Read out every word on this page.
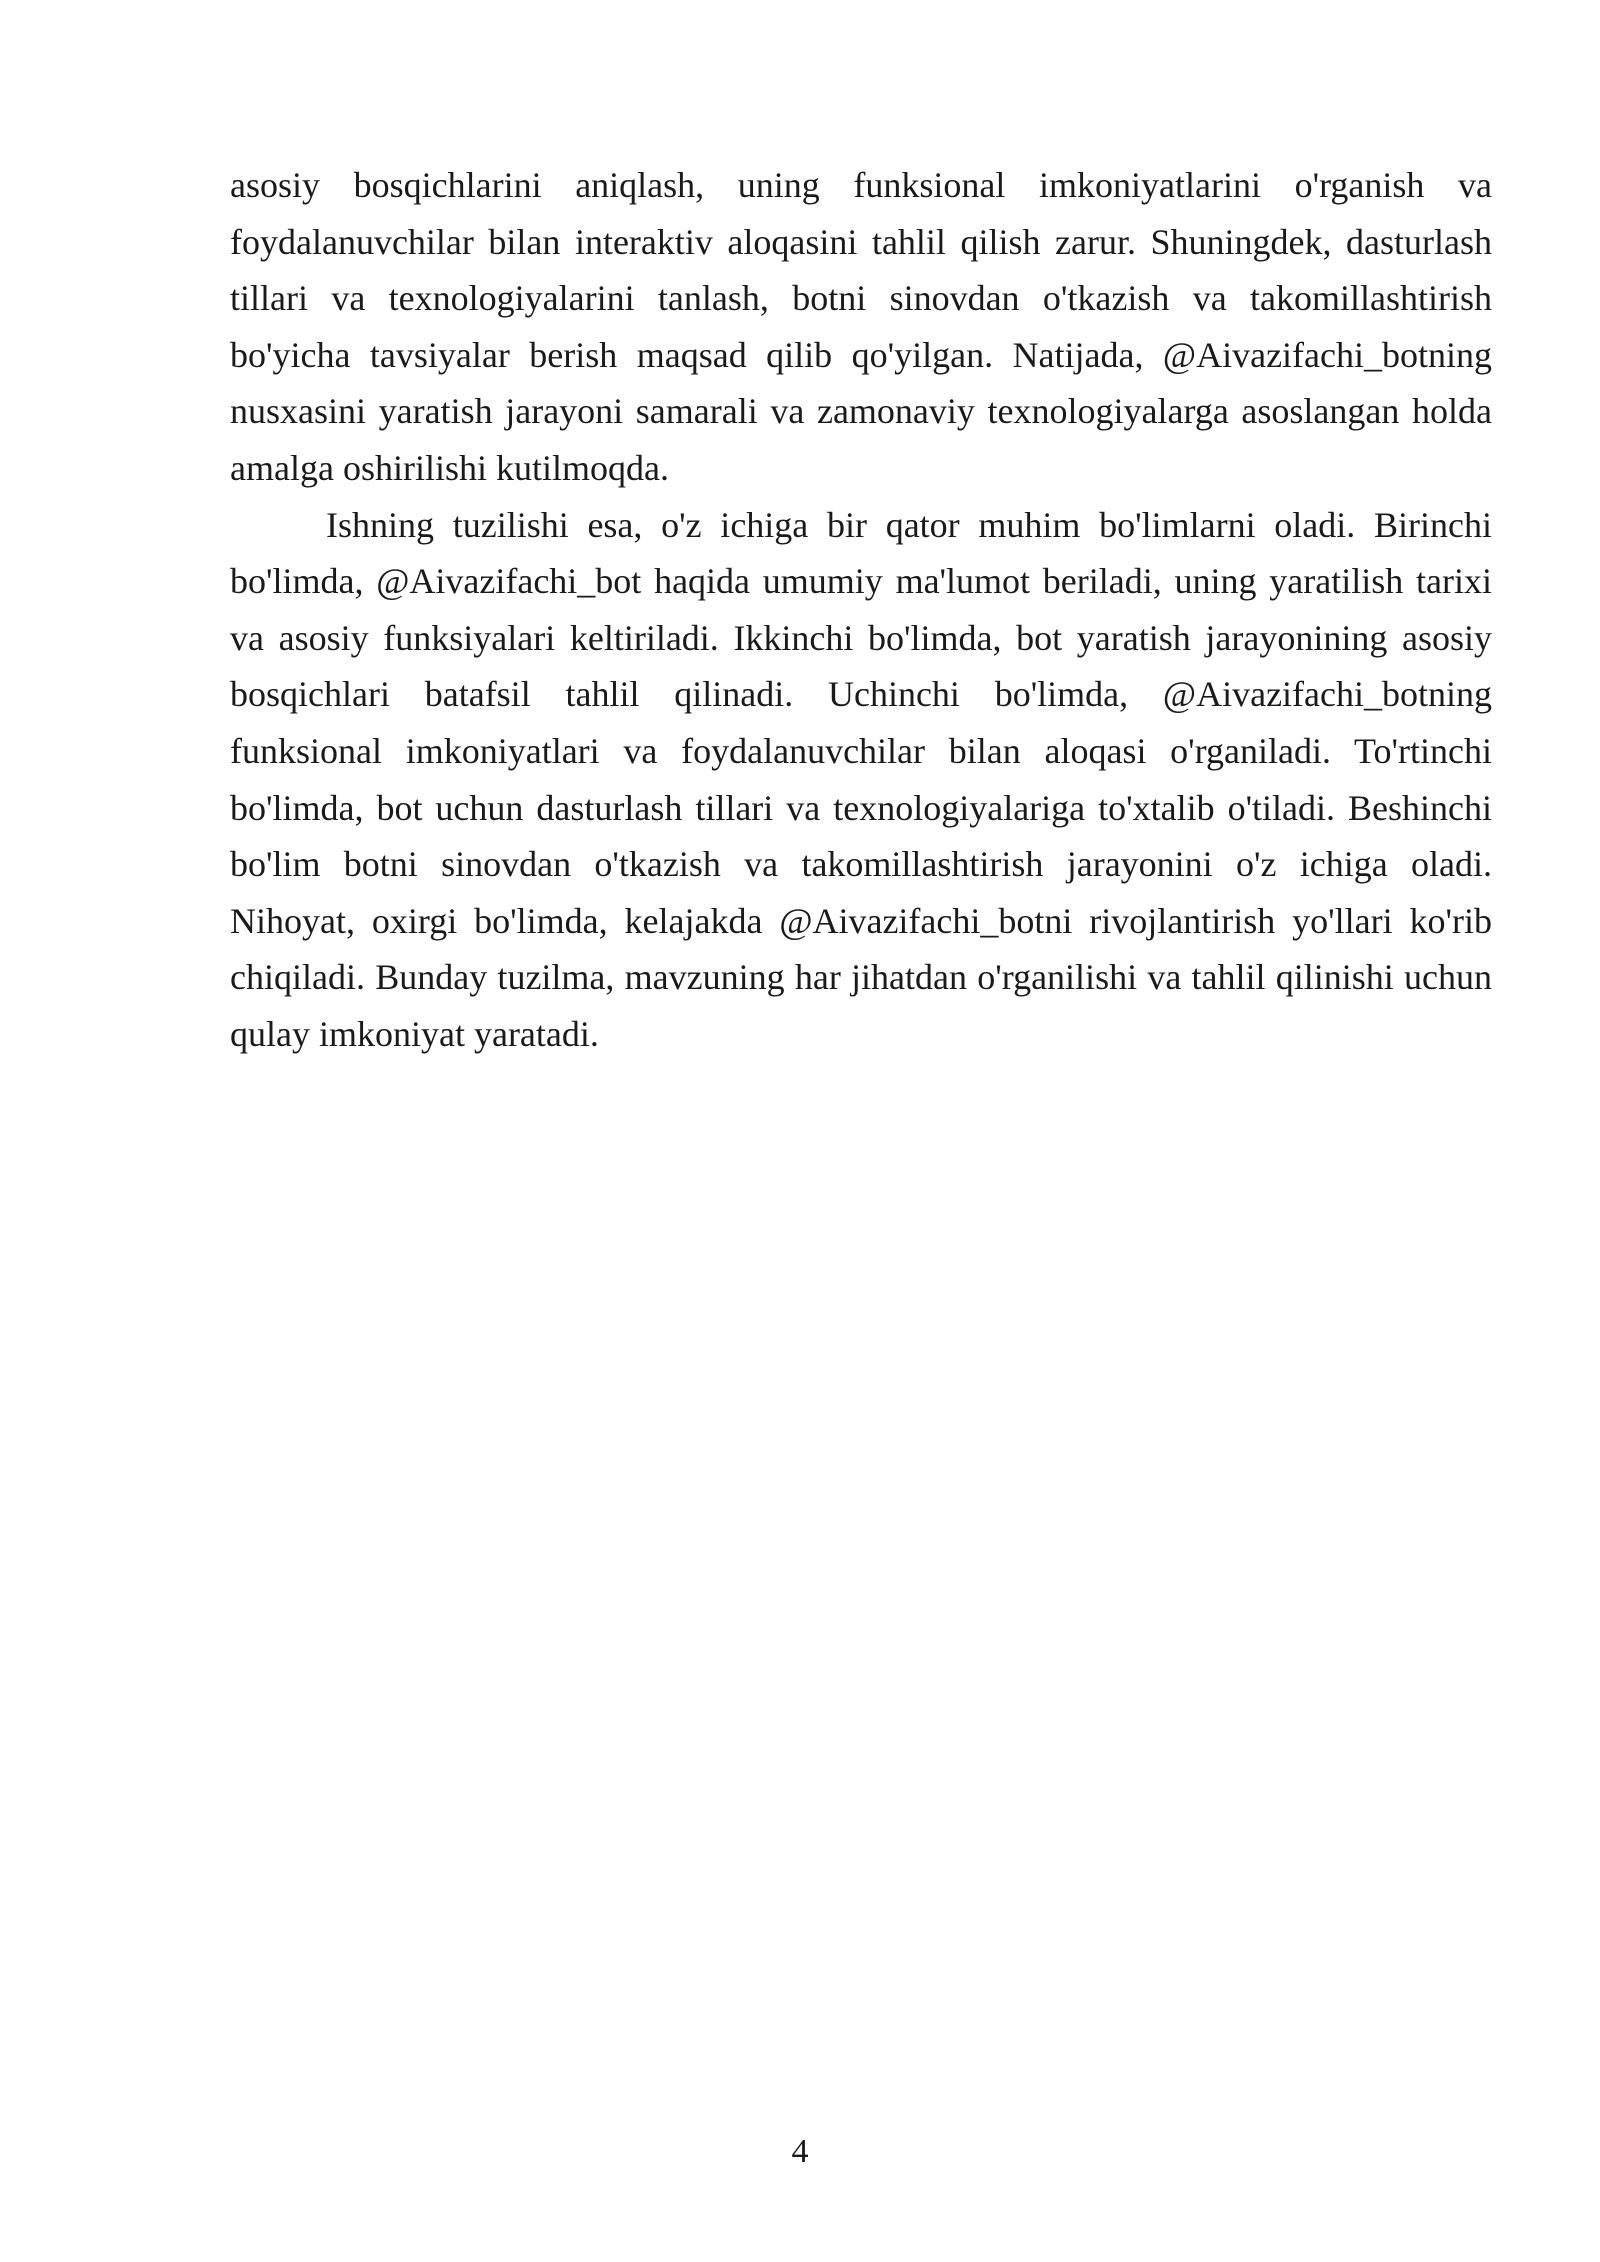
asosiy bosqichlarini aniqlash, uning funksional imkoniyatlarini o'rganish va foydalanuvchilar bilan interaktiv aloqasini tahlil qilish zarur. Shuningdek, dasturlash tillari va texnologiyalarini tanlash, botni sinovdan o'tkazish va takomillashtirish bo'yicha tavsiyalar berish maqsad qilib qo'yilgan. Natijada, @Aivazifachi_botning nusxasini yaratish jarayoni samarali va zamonaviy texnologiyalarga asoslangan holda amalga oshirilishi kutilmoqda.

Ishning tuzilishi esa, o'z ichiga bir qator muhim bo'limlarni oladi. Birinchi bo'limda, @Aivazifachi_bot haqida umumiy ma'lumot beriladi, uning yaratilish tarixi va asosiy funksiyalari keltiriladi. Ikkinchi bo'limda, bot yaratish jarayonining asosiy bosqichlari batafsil tahlil qilinadi. Uchinchi bo'limda, @Aivazifachi_botning funksional imkoniyatlari va foydalanuvchilar bilan aloqasi o'rganiladi. To'rtinchi bo'limda, bot uchun dasturlash tillari va texnologiyalariga to'xtalib o'tiladi. Beshinchi bo'lim botni sinovdan o'tkazish va takomillashtirish jarayonini o'z ichiga oladi. Nihoyat, oxirgi bo'limda, kelajakda @Aivazifachi_botni rivojlantirish yo'llari ko'rib chiqiladi. Bunday tuzilma, mavzuning har jihatdan o'rganilishi va tahlil qilinishi uchun qulay imkoniyat yaratadi.

4
